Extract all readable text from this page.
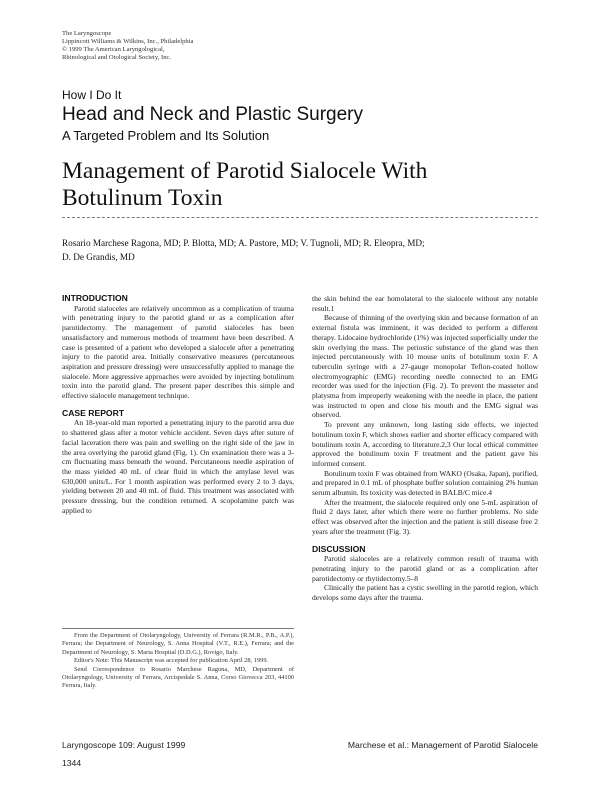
The Laryngoscope
Lippincott Williams & Wilkins, Inc., Philadelphia
© 1999 The American Laryngological,
Rhinological and Otological Society, Inc.
How I Do It
Head and Neck and Plastic Surgery
A Targeted Problem and Its Solution
Management of Parotid Sialocele With
Botulinum Toxin
Rosario Marchese Ragona, MD; P. Blotta, MD; A. Pastore, MD; V. Tugnoli, MD; R. Eleopra, MD;
D. De Grandis, MD
INTRODUCTION

Parotid sialoceles are relatively uncommon as a complication of trauma with penetrating injury to the parotid gland or as a complication after parotidectomy. The management of parotid sialoceles has been unsatisfactory and numerous methods of treatment have been described. A case is presented of a patient who developed a sialocele after a penetrating injury to the parotid area. Initially conservative measures (percutaneous aspiration and pressure dressing) were unsuccessfully applied to manage the sialocele. More aggressive approaches were avoided by injecting botulinum toxin into the parotid gland. The present paper describes this simple and effective sialocele management technique.

CASE REPORT

An 18-year-old man reported a penetrating injury to the parotid area due to shattered glass after a motor vehicle accident. Seven days after suture of facial laceration there was pain and swelling on the right side of the jaw in the area overlying the parotid gland (Fig. 1). On examination there was a 3-cm fluctuating mass beneath the wound. Percutaneous needle aspiration of the mass yielded 40 mL of clear fluid in which the amylase level was 630,000 units/L. For 1 month aspiration was performed every 2 to 3 days, yielding between 20 and 40 mL of fluid. This treatment was associated with pressure dressing, but the condition returned. A scopolamine patch was applied to

From the Department of Otolaryngology, University of Ferrara (R.M.R., P.B., A.P.), Ferrara; the Department of Neurology, S. Anna Hospital (V.T., R.E.), Ferrara; and the Department of Neurology, S. Maria Hospital (D.D.G.), Rovigo, Italy.

Editor's Note: This Manuscript was accepted for publication April 28, 1999.

Send Correspondence to Rosario Marchese Ragona, MD, Department of Otolaryngology, University of Ferrara, Arcispedale S. Anna, Corso Giovecca 203, 44100 Ferrara, Italy.

the skin behind the ear homolateral to the sialocele without any notable result.1

Because of thinning of the overlying skin and because formation of an external fistula was imminent, it was decided to perform a different therapy. Lidocaine hydrochloride (1%) was injected superficially under the skin overlying the mass. The periostic substance of the gland was then injected percutaneously with 10 mouse units of botulinum toxin F. A tuberculin syringe with a 27-gauge monopolar Teflon-coated hollow electromyographic (EMG) recording needle connected to an EMG recorder was used for the injection (Fig. 2). To prevent the masseter and platysma from improperly weakening with the needle in place, the patient was instructed to open and close his mouth and the EMG signal was observed.

To prevent any unknown, long lasting side effects, we injected botulinum toxin F, which shows earlier and shorter efficacy compared with botulinum toxin A, according to literature.2,3 Our local ethical committee approved the botulinum toxin F treatment and the patient gave his informed consent.

Botulinum toxin F was obtained from WAKO (Osaka, Japan), purified, and prepared in 0.1 mL of phosphate buffer solution containing 2% human serum albumin. Its toxicity was detected in BALB/C mice.4

After the treatment, the sialocele required only one 5-mL aspiration of fluid 2 days later, after which there were no further problems. No side effect was observed after the injection and the patient is still disease free 2 years after the treatment (Fig. 3).

DISCUSSION

Parotid sialoceles are a relatively common result of trauma with penetrating injury to the parotid gland or as a complication after parotidectomy or rhytidectomy.5–8

Clinically the patient has a cystic swelling in the parotid region, which develops some days after the trauma.

Laryngoscope 109: August 1999	Marchese et al.: Management of Parotid Sialocele
1344
